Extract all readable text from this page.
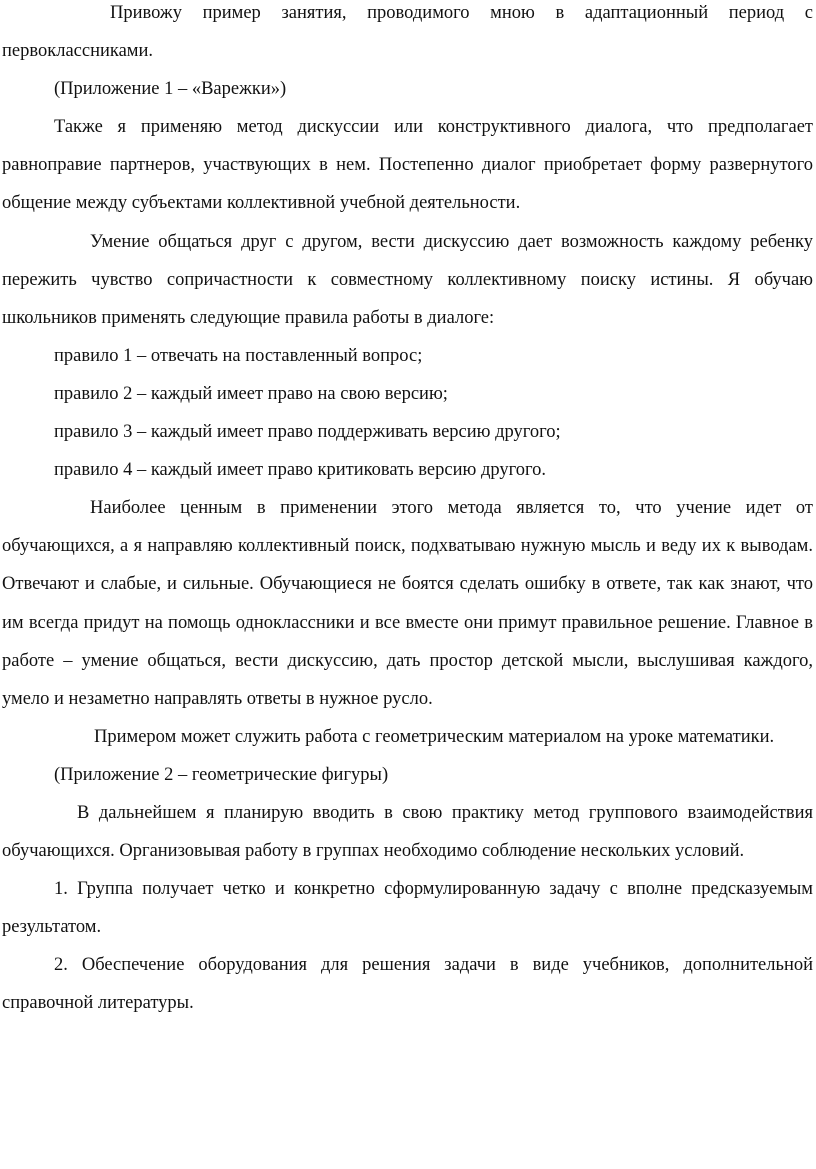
Привожу пример занятия, проводимого мною в адаптационный период с первоклассниками.

(Приложение 1 – «Варежки»)

Также я применяю метод дискуссии или конструктивного диалога, что предполагает равноправие партнеров, участвующих в нем. Постепенно диалог приобретает форму развернутого общение между субъектами коллективной учебной деятельности.

Умение общаться друг с другом, вести дискуссию дает возможность каждому ребенку пережить чувство сопричастности к совместному коллективному поиску истины. Я обучаю школьников применять следующие правила работы в диалоге:

правило 1 – отвечать на поставленный вопрос;

правило 2 – каждый имеет право на свою версию;

правило 3 – каждый имеет право поддерживать версию другого;

правило 4 – каждый имеет право критиковать версию другого.

Наиболее ценным в применении этого метода является то, что учение идет от обучающихся, а я направляю коллективный поиск, подхватываю нужную мысль и веду их к выводам. Отвечают и слабые, и сильные. Обучающиеся не боятся сделать ошибку в ответе, так как знают, что им всегда придут на помощь одноклассники и все вместе они примут правильное решение. Главное в работе – умение общаться, вести дискуссию, дать простор детской мысли, выслушивая каждого, умело и незаметно направлять ответы в нужное русло.

Примером может служить работа с геометрическим материалом на уроке математики.

(Приложение 2 – геометрические фигуры)

В дальнейшем я планирую вводить в свою практику метод группового взаимодействия обучающихся. Организовывая работу в группах необходимо соблюдение нескольких условий.

1. Группа получает четко и конкретно сформулированную задачу с вполне предсказуемым результатом.

2. Обеспечение оборудования для решения задачи в виде учебников, дополнительной справочной литературы.
